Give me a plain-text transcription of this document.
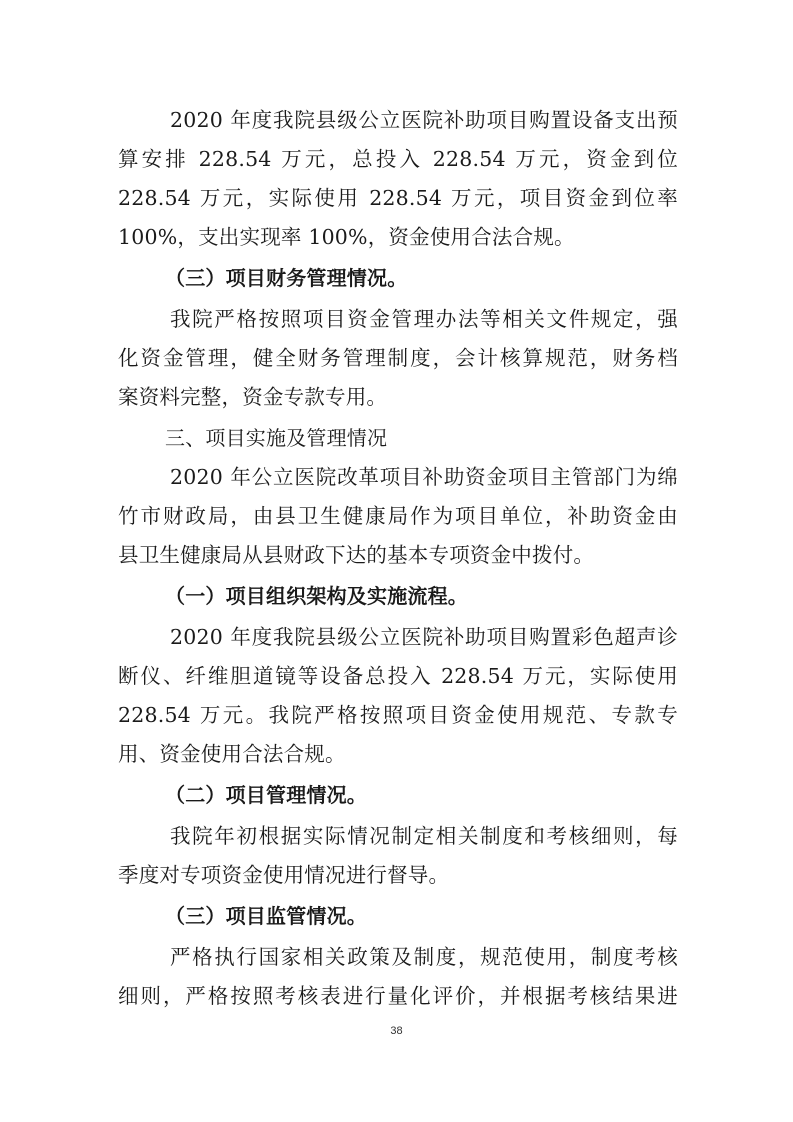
2020 年度我院县级公立医院补助项目购置设备支出预
算安排 228.54 万元，总投入 228.54 万元，资金到位
228.54 万元，实际使用 228.54 万元，项目资金到位率
100%，支出实现率 100%，资金使用合法合规。
（三）项目财务管理情况。
我院严格按照项目资金管理办法等相关文件规定，强
化资金管理，健全财务管理制度，会计核算规范，财务档
案资料完整，资金专款专用。
三、项目实施及管理情况
2020 年公立医院改革项目补助资金项目主管部门为绵
竹市财政局，由县卫生健康局作为项目单位，补助资金由
县卫生健康局从县财政下达的基本专项资金中拨付。
（一）项目组织架构及实施流程。
2020 年度我院县级公立医院补助项目购置彩色超声诊
断仪、纤维胆道镜等设备总投入 228.54 万元，实际使用
228.54 万元。我院严格按照项目资金使用规范、专款专
用、资金使用合法合规。
（二）项目管理情况。
我院年初根据实际情况制定相关制度和考核细则，每
季度对专项资金使用情况进行督导。
（三）项目监管情况。
严格执行国家相关政策及制度，规范使用，制度考核
细则，严格按照考核表进行量化评价，并根据考核结果进
38
